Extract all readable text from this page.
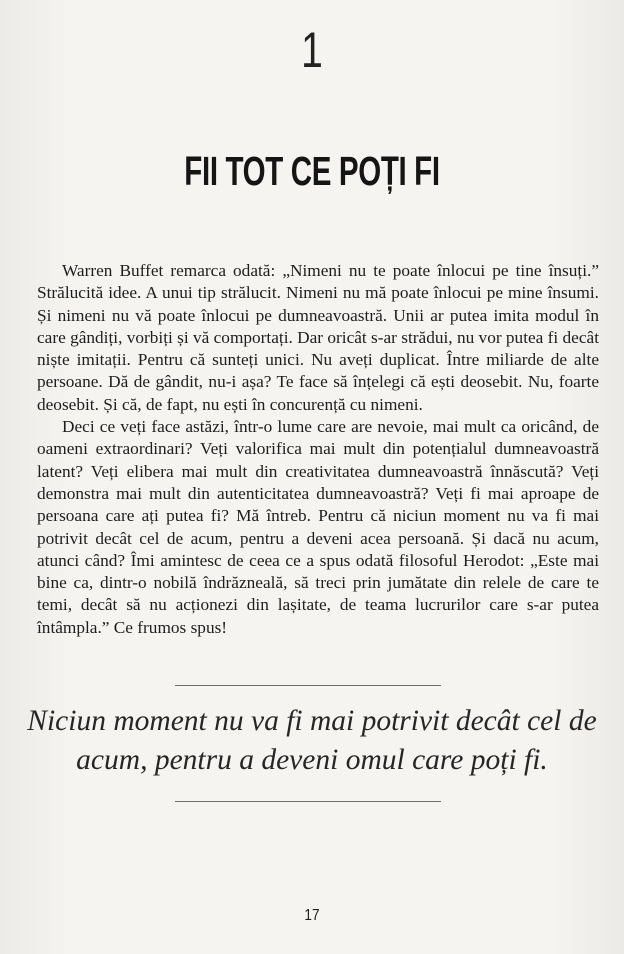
1
FII TOT CE POȚI FI

Warren Buffet remarca odată: „Nimeni nu te poate înlocui pe tine însuți.” Strălucită idee. A unui tip strălucit. Nimeni nu mă poate înlocui pe mine însumi. Și nimeni nu vă poate înlocui pe dumneavoastră. Unii ar putea imita modul în care gândiți, vorbiți și vă comportați. Dar oricât s-ar strădui, nu vor putea fi decât niște imitații. Pentru că sunteți unici. Nu aveți duplicat. Între miliarde de alte persoane. Dă de gândit, nu-i așa? Te face să înțelegi că ești deosebit. Nu, foarte deosebit. Și că, de fapt, nu ești în concurență cu nimeni.

Deci ce veți face astăzi, într-o lume care are nevoie, mai mult ca oricând, de oameni extraordinari? Veți valorifica mai mult din potențialul dumneavoastră latent? Veți elibera mai mult din creativitatea dumneavoastră înnăscută? Veți demonstra mai mult din autenticitatea dumneavoastră? Veți fi mai aproape de persoana care ați putea fi? Mă întreb. Pentru că niciun moment nu va fi mai potrivit decât cel de acum, pentru a deveni acea persoană. Și dacă nu acum, atunci când? Îmi amintesc de ceea ce a spus odată filosoful Herodot: „Este mai bine ca, dintr-o nobilă îndrăzneală, să treci prin jumătate din relele de care te temi, decât să nu acționezi din lașitate, de teama lucrurilor care s-ar putea întâmpla.” Ce frumos spus!

Niciun moment nu va fi mai potrivit decât cel de acum, pentru a deveni omul care poți fi.
17
